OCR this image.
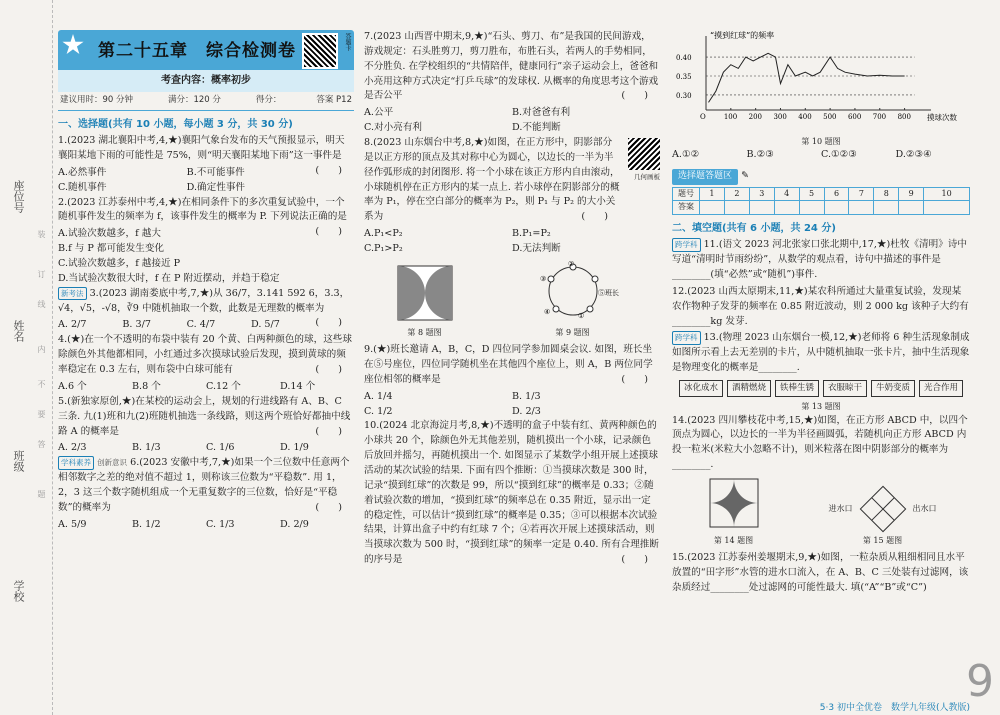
座位号
姓名
班级
学校
装
订
线
内
不
要
答
题
第二十五章　综合检测卷	答题卡
考查内容：概率初步
建议用时：90 分钟	满分：120 分	得分：	答案 P12
一、选择题(共有 10 小题，每小题 3 分，共 30 分)
1.(2023 湖北襄阳中考,4,★)襄阳气象台发布的天气预报显示，明天襄阳某地下雨的可能性是 75%，则“明天襄阳某地下雨”这一事件是
(　　)
A.必然事件	B.不可能事件
C.随机事件	D.确定性事件
2.(2023 江苏泰州中考,4,★)在相同条件下的多次重复试验中，一个随机事件发生的频率为 f，该事件发生的概率为 P. 下列说法正确的是
(　　)
A.试验次数越多，f 越大
B.f 与 P 都可能发生变化
C.试验次数越多，f 越接近 P
D.当试验次数很大时，f 在 P 附近摆动，并趋于稳定
新考法 3.(2023 湖南娄底中考,7,★)从 36/7，3.141 592 6，3.3，√4，√5，-√8，∛9 中随机抽取一个数，此数是无理数的概率为
(　　)
A. 2/7	B. 3/7	C. 4/7	D. 5/7
4.(★)在一个不透明的布袋中装有 20 个黄、白两种颜色的球，这些球除颜色外其他都相同，小红通过多次摸球试验后发现，摸到黄球的频率稳定在 0.3 左右，则布袋中白球可能有	(　　)
A.6 个	B.8 个	C.12 个	D.14 个
5.(新独家原创,★)在某校的运动会上，规划的行进线路有 A、B、C 三条. 九(1)班和九(2)班随机抽选一条线路，则这两个班恰好都抽中线路 A 的概率是	(　　)
A. 2/3	B. 1/3	C. 1/6	D. 1/9
学科素养 创新意识 6.(2023 安徽中考,7,★)如果一个三位数中任意两个相邻数字之差的绝对值不超过 1，则称该三位数为“平稳数”. 用 1，2，3 这三个数字随机组成一个无重复数字的三位数，恰好是“平稳数”的概率为	(　　)
A. 5/9	B. 1/2	C. 1/3	D. 2/9
7.(2023 山西晋中期末,9,★)“石头、剪刀、布”是我国的民间游戏，游戏规定：石头胜剪刀，剪刀胜布，布胜石头，若两人的手势相同，不分胜负. 在学校组织的“共情陪伴，健康同行”亲子运动会上，爸爸和小亮用这种方式决定“打乒乓球”的发球权. 从概率的角度思考这个游戏是否公平	(　　)
A.公平	B.对爸爸有利
C.对小亮有利	D.不能判断
8.(2023 山东烟台中考,8,★)如图，在正方形中，阴影部分是以正方形的顶点及其对称中心为圆心，以边长的一半为半径作弧形成的封闭图形. 将一个小球在该正方形内自由滚动，小球随机停在正方形内的某一点上. 若小球停在阴影部分的概率为 P₁，停在空白部分的概率为 P₂，则 P₁ 与 P₂ 的大小关系为	(　　)
几何画板
A.P₁<P₂	B.P₁=P₂
C.P₁>P₂	D.无法判断
第 8 题图
②
③
④	①
⑤班长
第 9 题图
9.(★)班长邀请 A，B，C，D 四位同学参加圆桌会议. 如图，班长坐在⑤号座位，四位同学随机坐在其他四个座位上，则 A，B 两位同学座位相邻的概率是	(　　)
A. 1/4	B. 1/3
C. 1/2	D. 2/3
10.(2024 北京海淀月考,8,★)不透明的盒子中装有红、黄两种颜色的小球共 20 个，除颜色外无其他差别，随机摸出一个小球，记录颜色后放回并摇匀，再随机摸出一个. 如图显示了某数学小组开展上述摸球活动的某次试验的结果. 下面有四个推断：①当摸球次数是 300 时，记录“摸到红球”的次数是 99，所以“摸到红球”的概率是 0.33；②随着试验次数的增加，“摸到红球”的频率总在 0.35 附近，显示出一定的稳定性，可以估计“摸到红球”的概率是 0.35；③可以根据本次试验结果，计算出盒子中约有红球 7 个；④若再次开展上述摸球活动，则当摸球次数为 500 时，“摸到红球”的频率一定是 0.40. 所有合理推断的序号是	(　　)
“摸到红球”的频率
摸球次数
O	100 200 300 400 500 600 700 800
0.30
0.35
0.40
第 10 题图
A.①②	B.②③	C.①②③	D.②③④
选择题答题区 ✎
题号	1	2	3	4	5	6	7	8	9	10
答案										
二、填空题(共有 6 小题，共 24 分)
跨学科 11.(语文 2023 河北张家口张北期中,17,★)杜牧《清明》诗中写道“清明时节雨纷纷”，从数学的观点看，诗句中描述的事件是________(填“必然”或“随机”)事件.
12.(2023 山西太原期末,11,★)某农科所通过大量重复试验，发现某农作物种子发芽的频率在 0.85 附近波动，则 2 000 kg 该种子大约有________kg 发芽.
跨学科 13.(物理 2023 山东烟台一模,12,★)老师将 6 种生活现象制成如图所示看上去无差别的卡片，从中随机抽取一张卡片，抽中生活现象是物理变化的概率是________.
冰化成水	酒精燃烧	铁棒生锈	衣服晾干	牛奶变质	光合作用
第 13 题图
14.(2023 四川攀枝花中考,15,★)如图，在正方形 ABCD 中，以四个顶点为圆心，以边长的一半为半径画圆弧，若随机向正方形 ABCD 内投一粒米(米粒大小忽略不计)，则米粒落在图中阴影部分的概率为________.
第 14 题图
进水口	出水口
第 15 题图
15.(2023 江苏泰州姜堰期末,9,★)如图，一粒杂质从粗细相同且水平放置的“田字形”水管的进水口流入，在 A、B、C 三处装有过滤网，该杂质经过________处过滤网的可能性最大. 填(“A”“B”或“C”)
5·3 初中全优卷　数学九年级(人教版)
9
